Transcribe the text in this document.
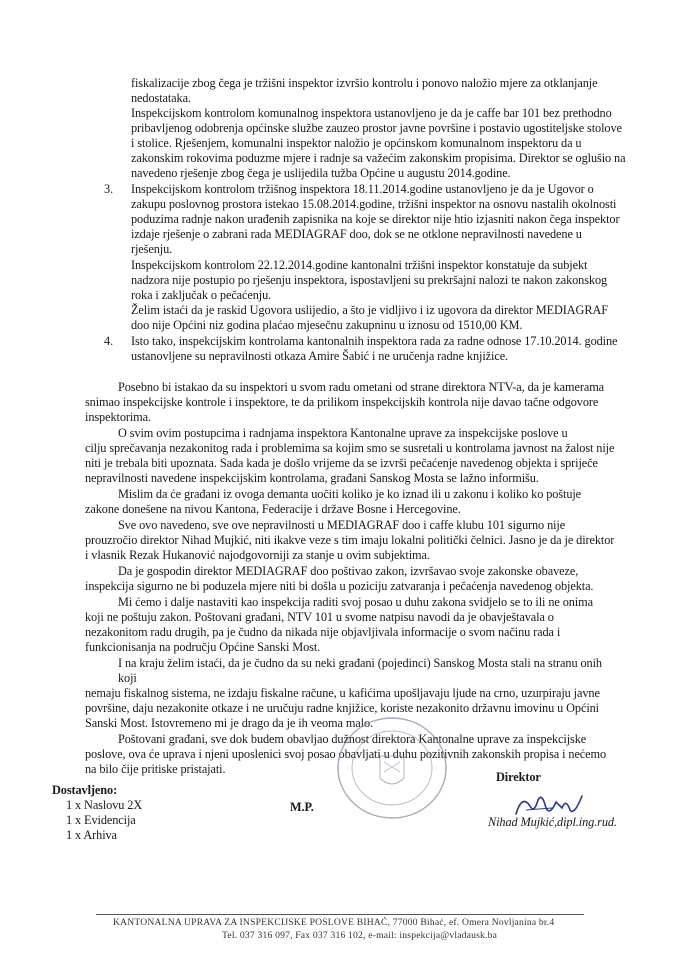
fiskalizacije zbog čega je tržišni inspektor izvršio kontrolu i ponovo naložio mjere za otklanjanje
nedostataka.
Inspekcijskom kontrolom komunalnog inspektora ustanovljeno je da je caffe bar 101 bez prethodno
pribavljenog odobrenja općinske službe zauzeo prostor javne površine i postavio ugostiteljske stolove
i stolice. Rješenjem, komunalni inspektor naložio je općinskom komunalnom inspektoru da u
zakonskim rokovima poduzme mjere i radnje sa važećim zakonskim propisima. Direktor se oglušio na
navedeno rješenje zbog čega je uslijedila tužba Općine u augustu 2014.godine.
3. Inspekcijskom kontrolom tržišnog inspektora 18.11.2014.godine ustanovljeno je da je Ugovor o
zakupu poslovnog prostora istekao 15.08.2014.godine, tržišni inspektor na osnovu nastalih okolnosti
poduzima radnje nakon urađenih zapisnika na koje se direktor nije htio izjasniti nakon čega inspektor
izdaje rješenje o zabrani rada MEDIAGRAF doo, dok se ne otklone nepravilnosti navedene u
rješenju.
Inspekcijskom kontrolom 22.12.2014.godine kantonalni tržišni inspektor konstatuje da subjekt
nadzora nije postupio po rješenju inspektora, ispostavljeni su prekršajni nalozi te nakon zakonskog
roka i zaključak o pečaćenju.
Želim istaći da je raskid Ugovora uslijedio, a što je vidljivo i iz ugovora da direktor MEDIAGRAF
doo nije Općini niz godina plaćao mjesečnu zakupninu u iznosu od 1510,00 KM.
4. Isto tako, inspekcijskim kontrolama kantonalnih inspektora rada za radne odnose 17.10.2014. godine
ustanovljene su nepravilnosti otkaza Amire Šabić i ne uručenja radne knjižice.
Posebno bi istakao da su inspektori u svom radu ometani od strane direktora NTV-a, da je kamerama
snimao inspekcijske kontrole i inspektore, te da prilikom inspekcijskih kontrola nije davao tačne odgovore
inspektorima.
O svim ovim postupcima i radnjama inspektora Kantonalne uprave za inspekcijske poslove u
cilju sprečavanja nezakonitog rada i problemima sa kojim smo se susretali u kontrolama javnost na žalost nije
niti je trebala biti upoznata. Sada kada je došlo vrijeme da se izvrši pečaćenje navedenog objekta i spriječe
nepravilnosti navedene inspekcijskim kontrolama, građani Sanskog Mosta se lažno informišu.
Mislim da će građani iz ovoga demanta uočiti koliko je ko iznad ili u zakonu i koliko ko poštuje
zakone donešene na nivou Kantona, Federacije i države Bosne i Hercegovine.
Sve ovo navedeno, sve ove nepravilnosti u MEDIAGRAF doo i caffe klubu 101 sigurno nije
prouzročio direktor Nihad Mujkić, niti ikakve veze s tim imaju lokalni politički čelnici. Jasno je da je direktor
i vlasnik Rezak Hukanović najodgovorniji za stanje u ovim subjektima.
Da je gospodin direktor MEDIAGRAF doo poštivao zakon, izvršavao svoje zakonske obaveze,
inspekcija sigurno ne bi poduzela mjere niti bi došla u poziciju zatvaranja i pečaćenja navedenog objekta.
Mi ćemo i dalje nastaviti kao inspekcija raditi svoj posao u duhu zakona svidjelo se to ili ne onima
koji ne poštuju zakon. Poštovani građani, NTV 101 u svome natpisu navodi da je obavještavala o
nezakonitom radu drugih, pa je čudno da nikada nije objavljivala informacije o svom načinu rada i
funkcionisanja na području Općine Sanski Most.
I na kraju želim istaći, da je čudno da su neki građani (pojedinci) Sanskog Mosta stali na stranu onih
koji
nemaju fiskalnog sistema, ne izdaju fiskalne račune, u kafićima upošljavaju ljude na crno, uzurpiraju javne
površine, daju nezakonite otkaze i ne uručuju radne knjižice, koriste nezakonito državnu imovinu u Općini
Sanski Most. Istovremeno mi je drago da je ih veoma malo.
Poštovani građani, sve dok budem obavljao dužnost direktora Kantonalne uprave za inspekcijske
poslove, ova će uprava i njeni uposlenici svoj posao obavljati u duhu pozitivnih zakonskih propisa i nećemo
na bilo čije pritiske pristajati.
Dostavljeno:
1 x Naslovu 2X
1 x Evidencija
1 x Arhiva
M.P.
Direktor
Nihad Mujkić,dipl.ing.rud.
KANTONALNA UPRAVA ZA INSPEKCIJSKE POSLOVE BIHAĆ, 77000 Bihać, ef. Omera Novljanina br.4
Tel. 037 316 097, Fax 037 316 102, e-mail: inspekcija@vladausk.ba
